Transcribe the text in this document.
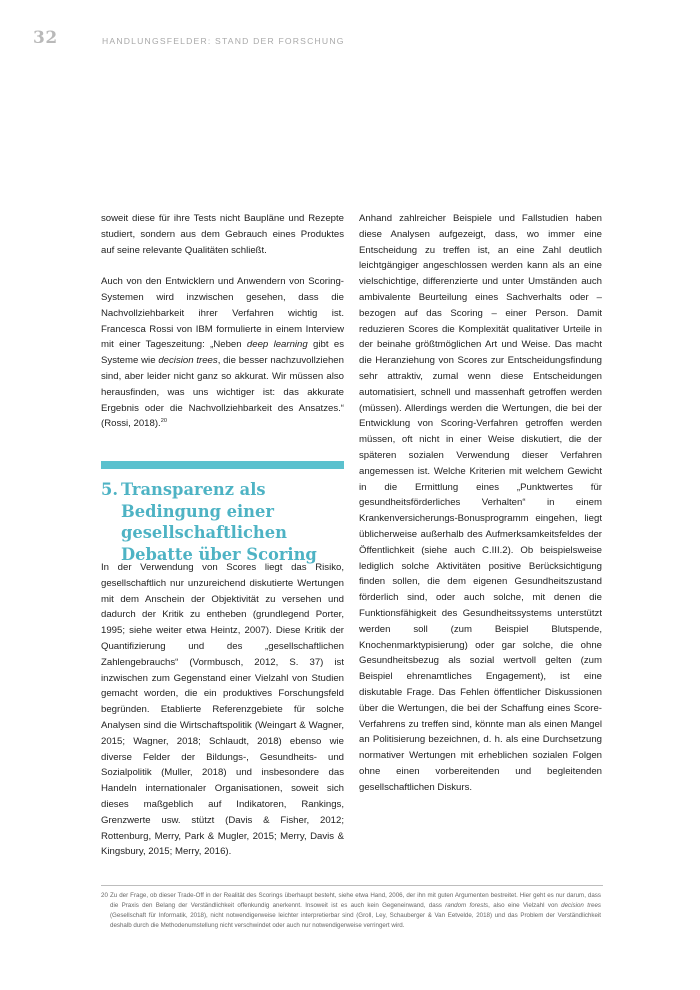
32	HANDLUNGSFELDER: STAND DER FORSCHUNG

soweit diese für ihre Tests nicht Baupläne und Rezepte studiert, sondern aus dem Gebrauch eines Produktes auf seine relevante Qualitäten schließt.

Auch von den Entwicklern und Anwendern von Scoring-Systemen wird inzwischen gesehen, dass die Nachvollziehbarkeit ihrer Verfahren wichtig ist. Francesca Rossi von IBM formulierte in einem Interview mit einer Tageszeitung: „Neben deep learning gibt es Systeme wie decision trees, die besser nachzuvollziehen sind, aber leider nicht ganz so akkurat. Wir müssen also herausfinden, was uns wichtiger ist: das akkurate Ergebnis oder die Nachvollziehbarkeit des Ansatzes.“ (Rossi, 2018).$^{20}$

5. Transparenz als Bedingung einer gesellschaftlichen Debatte über Scoring

In der Verwendung von Scores liegt das Risiko, gesellschaftlich nur unzureichend diskutierte Wertungen mit dem Anschein der Objektivität zu versehen und dadurch der Kritik zu entheben (grundlegend Porter, 1995; siehe weiter etwa Heintz, 2007). Diese Kritik der Quantifizierung und des „gesellschaftlichen Zahlengebrauchs“ (Vormbusch, 2012, S. 37) ist inzwischen zum Gegenstand einer Vielzahl von Studien gemacht worden, die ein produktives Forschungsfeld begründen. Etablierte Referenzgebiete für solche Analysen sind die Wirtschaftspolitik (Weingart & Wagner, 2015; Wagner, 2018; Schlaudt, 2018) ebenso wie diverse Felder der Bildungs-, Gesundheits- und Sozialpolitik (Muller, 2018) und insbesondere das Handeln internationaler Organisationen, soweit sich dieses maßgeblich auf Indikatoren, Rankings, Grenzwerte usw. stützt (Davis & Fisher, 2012; Rottenburg, Merry, Park & Mugler, 2015; Merry, Davis & Kingsbury, 2015; Merry, 2016).

Anhand zahlreicher Beispiele und Fallstudien haben diese Analysen aufgezeigt, dass, wo immer eine Entscheidung zu treffen ist, an eine Zahl deutlich leichtgängiger angeschlossen werden kann als an eine vielschichtige, differenzierte und unter Umständen auch ambivalente Beurteilung eines Sachverhalts oder – bezogen auf das Scoring – einer Person. Damit reduzieren Scores die Komplexität qualitativer Urteile in der beinahe größtmöglichen Art und Weise. Das macht die Heranziehung von Scores zur Entscheidungsfindung sehr attraktiv, zumal wenn diese Entscheidungen automatisiert, schnell und massenhaft getroffen werden (müssen). Allerdings werden die Wertungen, die bei der Entwicklung von Scoring-Verfahren getroffen werden müssen, oft nicht in einer Weise diskutiert, die der späteren sozialen Verwendung dieser Verfahren angemessen ist. Welche Kriterien mit welchem Gewicht in die Ermittlung eines „Punktwertes für gesundheitsförderliches Verhalten“ in einem Krankenversicherungs-Bonusprogramm eingehen, liegt üblicherweise außerhalb des Aufmerksamkeitsfeldes der Öffentlichkeit (siehe auch C.III.2). Ob beispielsweise lediglich solche Aktivitäten positive Berücksichtigung finden sollen, die dem eigenen Gesundheitszustand förderlich sind, oder auch solche, mit denen die Funktionsfähigkeit des Gesundheitssystems unterstützt werden soll (zum Beispiel Blutspende, Knochenmarktypisierung) oder gar solche, die ohne Gesundheitsbezug als sozial wertvoll gelten (zum Beispiel ehrenamtliches Engagement), ist eine diskutable Frage. Das Fehlen öffentlicher Diskussionen über die Wertungen, die bei der Schaffung eines Score-Verfahrens zu treffen sind, könnte man als einen Mangel an Politisierung bezeichnen, d. h. als eine Durchsetzung normativer Wertungen mit erheblichen sozialen Folgen ohne einen vorbereitenden und begleitenden gesellschaftlichen Diskurs.

20 Zu der Frage, ob dieser Trade-Off in der Realität des Scorings überhaupt besteht, siehe etwa Hand, 2006, der ihn mit guten Argumenten bestreitet. Hier geht es nur darum, dass die Praxis den Belang der Verständlichkeit offenkundig anerkennt. Insoweit ist es auch kein Gegeneinwand, dass random forests, also eine Vielzahl von decision trees (Gesellschaft für Informatik, 2018), nicht notwendigerweise leichter interpretierbar sind (Groll, Ley, Schauberger & Van Eetvelde, 2018) und das Problem der Verständlichkeit deshalb durch die Methodenumstellung nicht verschwindet oder auch nur notwendigerweise verringert wird.
